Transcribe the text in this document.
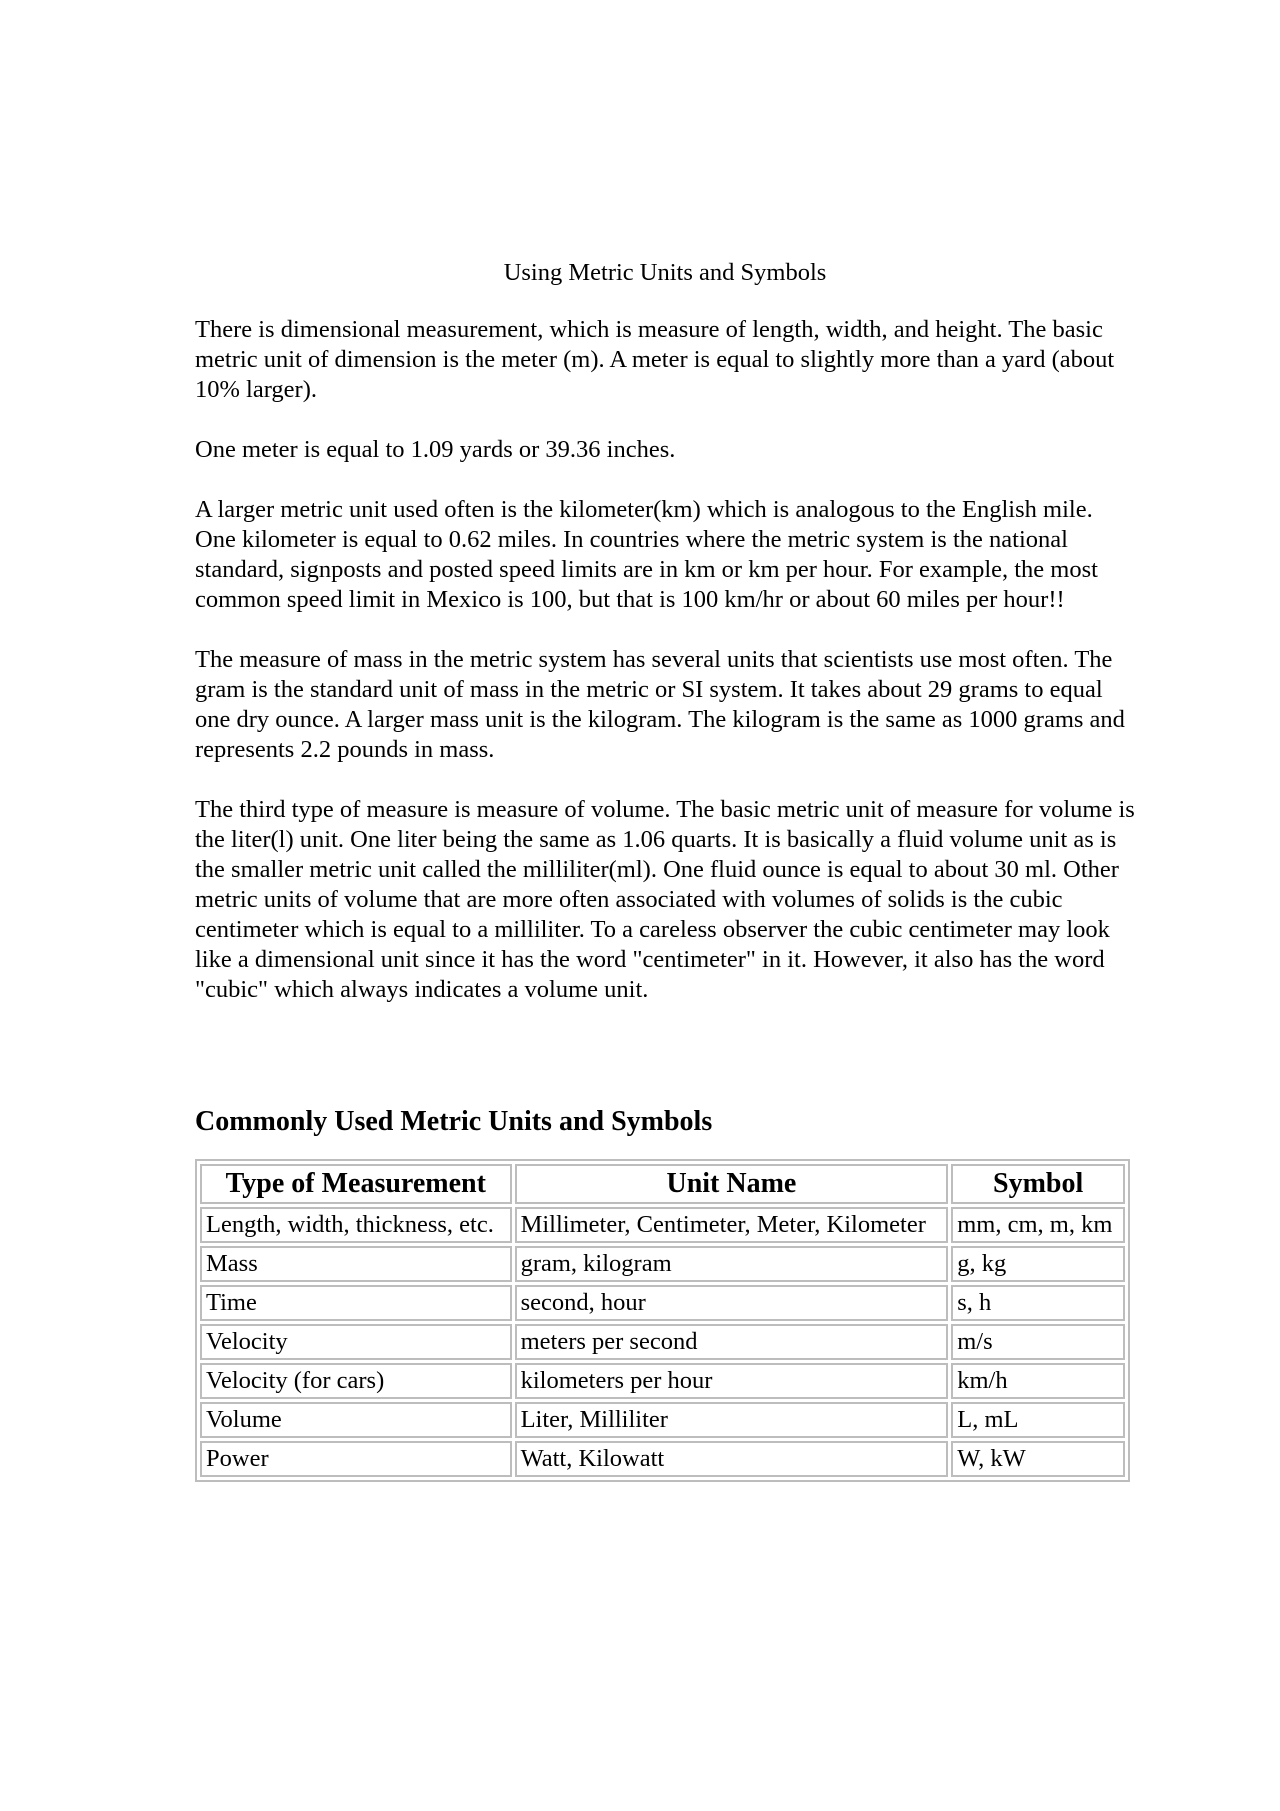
Using Metric Units and Symbols

There is dimensional measurement, which is measure of length, width, and height. The basic metric unit of dimension is the meter (m). A meter is equal to slightly more than a yard (about 10% larger).

One meter is equal to 1.09 yards or 39.36 inches.

A larger metric unit used often is the kilometer(km) which is analogous to the English mile. One kilometer is equal to 0.62 miles. In countries where the metric system is the national standard, signposts and posted speed limits are in km or km per hour. For example, the most common speed limit in Mexico is 100, but that is 100 km/hr or about 60 miles per hour!!

The measure of mass in the metric system has several units that scientists use most often. The gram is the standard unit of mass in the metric or SI system. It takes about 29 grams to equal one dry ounce. A larger mass unit is the kilogram. The kilogram is the same as 1000 grams and represents 2.2 pounds in mass.

The third type of measure is measure of volume. The basic metric unit of measure for volume is the liter(l) unit. One liter being the same as 1.06 quarts. It is basically a fluid volume unit as is the smaller metric unit called the milliliter(ml). One fluid ounce is equal to about 30 ml. Other metric units of volume that are more often associated with volumes of solids is the cubic centimeter which is equal to a milliliter. To a careless observer the cubic centimeter may look like a dimensional unit since it has the word "centimeter" in it. However, it also has the word "cubic" which always indicates a volume unit.

Commonly Used Metric Units and Symbols
Type of Measurement	Unit Name	Symbol
Length, width, thickness, etc.	Millimeter, Centimeter, Meter, Kilometer	mm, cm, m, km
Mass	gram, kilogram	g, kg
Time	second, hour	s, h
Velocity	meters per second	m/s
Velocity (for cars)	kilometers per hour	km/h
Volume	Liter, Milliliter	L, mL
Power	Watt, Kilowatt	W, kW
